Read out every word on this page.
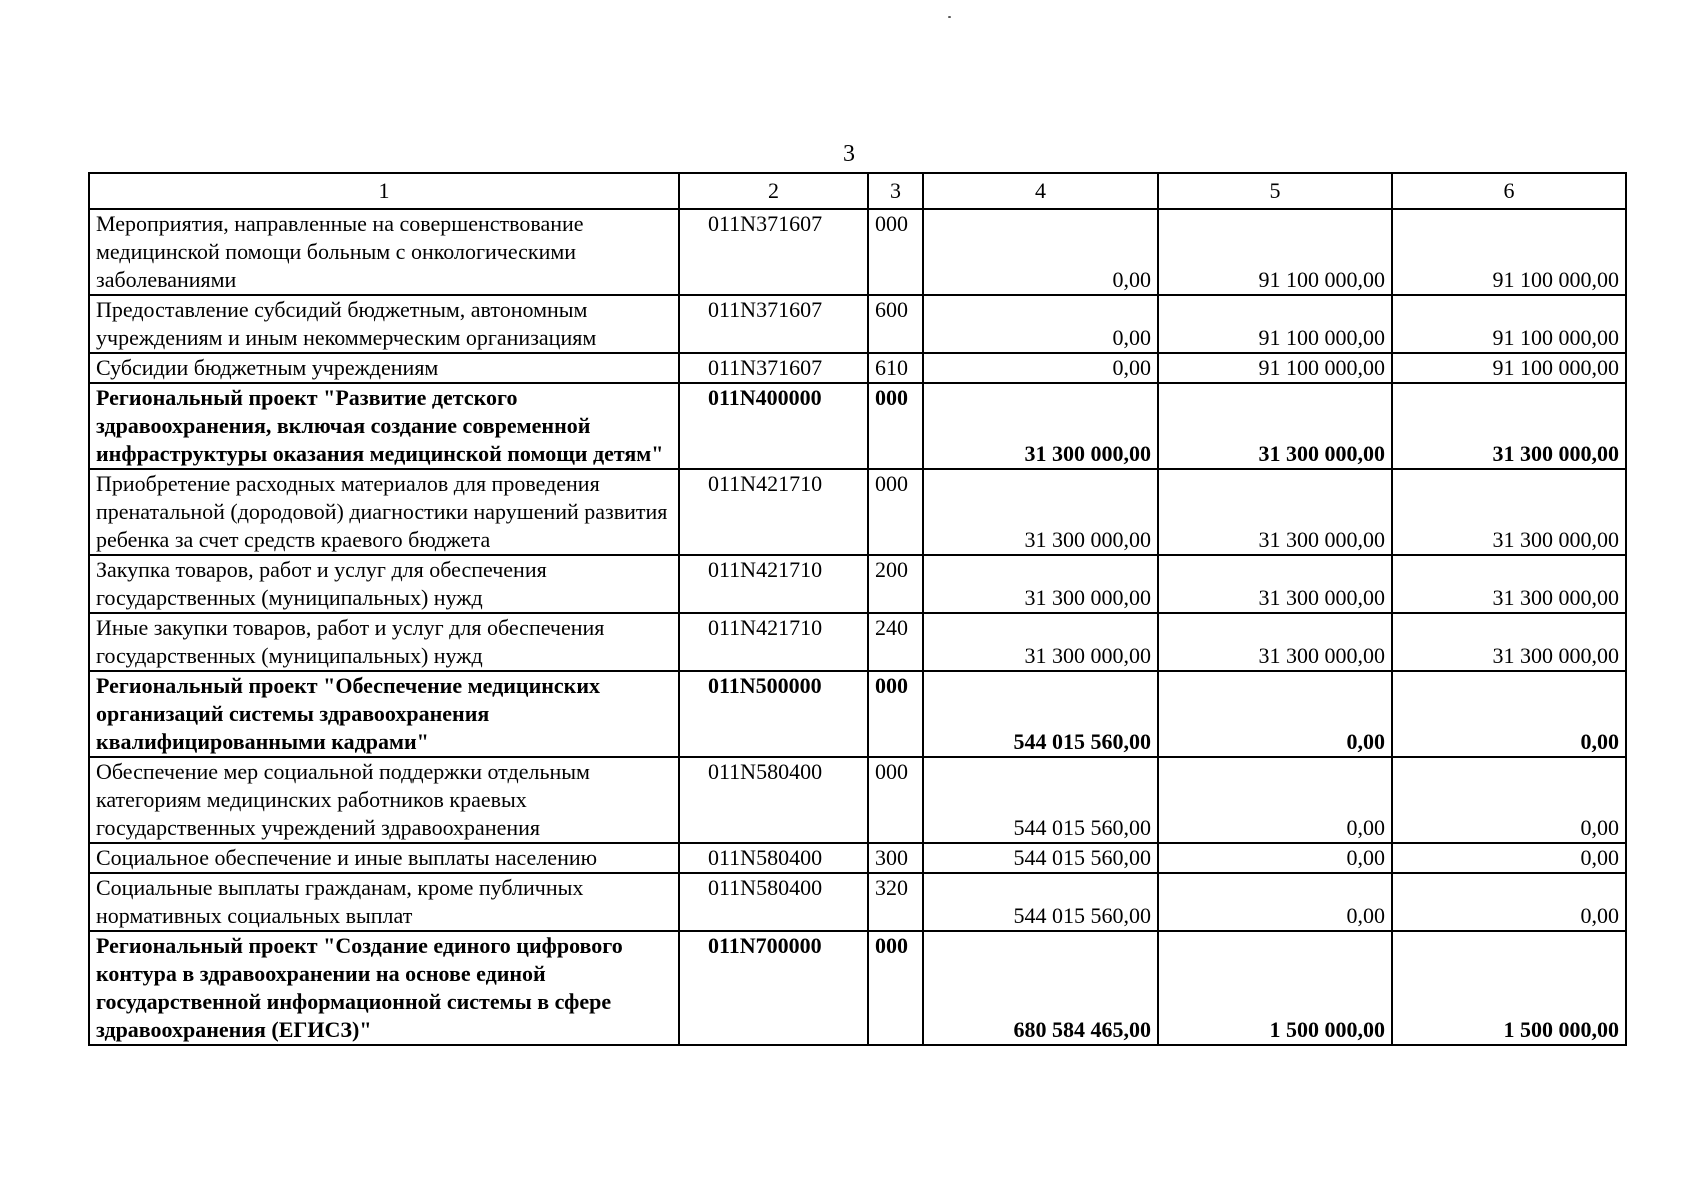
3
1	2	3	4	5	6
Мероприятия, направленные на совершенствование медицинской помощи больным с онкологическими заболеваниями	011N371607	000	0,00	91 100 000,00	91 100 000,00
Предоставление субсидий бюджетным, автономным учреждениям и иным некоммерческим организациям	011N371607	600	0,00	91 100 000,00	91 100 000,00
Субсидии бюджетным учреждениям	011N371607	610	0,00	91 100 000,00	91 100 000,00
Региональный проект "Развитие детского здравоохранения, включая создание современной инфраструктуры оказания медицинской помощи детям"	011N400000	000	31 300 000,00	31 300 000,00	31 300 000,00
Приобретение расходных материалов для проведения пренатальной (дородовой) диагностики нарушений развития ребенка за счет средств краевого бюджета	011N421710	000	31 300 000,00	31 300 000,00	31 300 000,00
Закупка товаров, работ и услуг для обеспечения государственных (муниципальных) нужд	011N421710	200	31 300 000,00	31 300 000,00	31 300 000,00
Иные закупки товаров, работ и услуг для обеспечения государственных (муниципальных) нужд	011N421710	240	31 300 000,00	31 300 000,00	31 300 000,00
Региональный проект "Обеспечение медицинских организаций системы здравоохранения квалифицированными кадрами"	011N500000	000	544 015 560,00	0,00	0,00
Обеспечение мер социальной поддержки отдельным категориям медицинских работников краевых государственных учреждений здравоохранения	011N580400	000	544 015 560,00	0,00	0,00
Социальное обеспечение и иные выплаты населению	011N580400	300	544 015 560,00	0,00	0,00
Социальные выплаты гражданам, кроме публичных нормативных социальных выплат	011N580400	320	544 015 560,00	0,00	0,00
Региональный проект "Создание единого цифрового контура в здравоохранении на основе единой государственной информационной системы в сфере здравоохранения (ЕГИСЗ)"	011N700000	000	680 584 465,00	1 500 000,00	1 500 000,00
